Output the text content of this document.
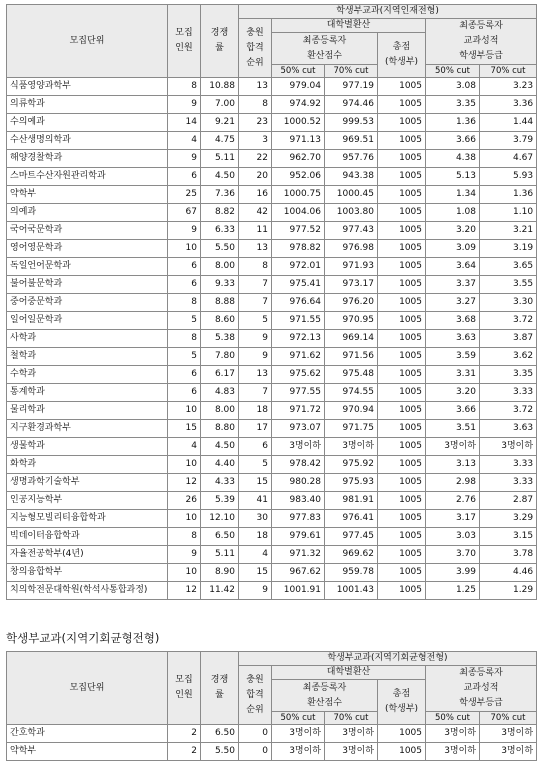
모집단위	모집
인원	경쟁
률	학생부교과(지역인재전형)					

			충원
합격
순위	대학별환산			최종등록자
교과성적
학생부등급	

				최종등록자
환산점수		총점
(학생부)		

				50% cut	70% cut		50% cut	70% cut
식품영양과학부	8	10.88	13	979.04	977.19	1005	3.08	3.23
의류학과	9	7.00	8	974.92	974.46	1005	3.35	3.36
수의예과	14	9.21	23	1000.52	999.53	1005	1.36	1.44
수산생명의학과	4	4.75	3	971.13	969.51	1005	3.66	3.79
해양경찰학과	9	5.11	22	962.70	957.76	1005	4.38	4.67
스마트수산자원관리학과	6	4.50	20	952.06	943.38	1005	5.13	5.93
약학부	25	7.36	16	1000.75	1000.45	1005	1.34	1.36
의예과	67	8.82	42	1004.06	1003.80	1005	1.08	1.10
국어국문학과	9	6.33	11	977.52	977.43	1005	3.20	3.21
영어영문학과	10	5.50	13	978.82	976.98	1005	3.09	3.19
독일언어문학과	6	8.00	8	972.01	971.93	1005	3.64	3.65
불어불문학과	6	9.33	7	975.41	973.17	1005	3.37	3.55
중어중문학과	8	8.88	7	976.64	976.20	1005	3.27	3.30
일어일문학과	5	8.60	5	971.55	970.95	1005	3.68	3.72
사학과	8	5.38	9	972.13	969.14	1005	3.63	3.87
철학과	5	7.80	9	971.62	971.56	1005	3.59	3.62
수학과	6	6.17	13	975.62	975.48	1005	3.31	3.35
통계학과	6	4.83	7	977.55	974.55	1005	3.20	3.33
물리학과	10	8.00	18	971.72	970.94	1005	3.66	3.72
지구환경과학부	15	8.80	17	973.07	971.75	1005	3.51	3.63
생물학과	4	4.50	6	3명이하	3명이하	1005	3명이하	3명이하
화학과	10	4.40	5	978.42	975.92	1005	3.13	3.33
생명과학기술학부	12	4.33	15	980.28	975.93	1005	2.98	3.33
인공지능학부	26	5.39	41	983.40	981.91	1005	2.76	2.87
지능형모빌리티융합학과	10	12.10	30	977.83	976.41	1005	3.17	3.29
빅데이터융합학과	8	6.50	18	979.61	977.45	1005	3.03	3.15
자율전공학부(4년)	9	5.11	4	971.32	969.62	1005	3.70	3.78
창의융합학부	10	8.90	15	967.62	959.78	1005	3.99	4.46
치의학전문대학원(학석사통합과정)	12	11.42	9	1001.91	1001.43	1005	1.25	1.29
학생부교과(지역기회균형전형)
모집단위	모집
인원	경쟁
률	학생부교과(지역기회균형전형)					

			충원
합격
순위	대학별환산			최종등록자
교과성적
학생부등급	

				최종등록자
환산점수		총점
(학생부)		

				50% cut	70% cut		50% cut	70% cut
간호학과	2	6.50	0	3명이하	3명이하	1005	3명이하	3명이하
약학부	2	5.50	0	3명이하	3명이하	1005	3명이하	3명이하
